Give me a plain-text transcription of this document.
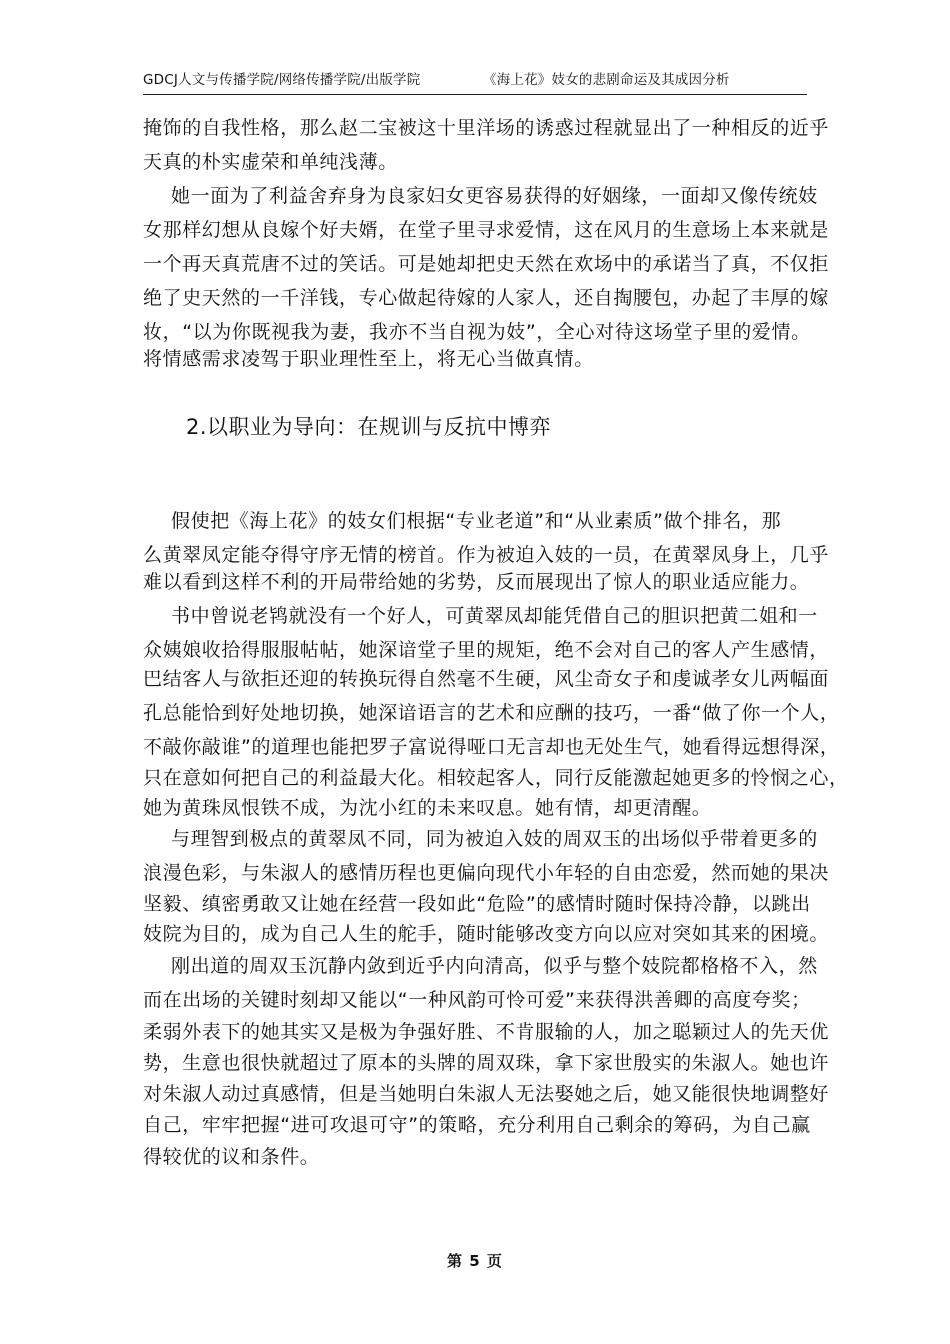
GDCJ人文与传播学院/网络传播学院/出版学院	《海上花》妓女的悲剧命运及其成因分析
掩饰的自我性格，那么赵二宝被这十里洋场的诱惑过程就显出了一种相反的近乎
天真的朴实虚荣和单纯浅薄。
她一面为了利益舍弃身为良家妇女更容易获得的好姻缘，一面却又像传统妓
女那样幻想从良嫁个好夫婿，在堂子里寻求爱情，这在风月的生意场上本来就是
一个再天真荒唐不过的笑话。可是她却把史天然在欢场中的承诺当了真，不仅拒
绝了史天然的一千洋钱，专心做起待嫁的人家人，还自掏腰包，办起了丰厚的嫁
妆，“以为你既视我为妻，我亦不当自视为妓”，全心对待这场堂子里的爱情。
将情感需求凌驾于职业理性至上，将无心当做真情。
假使把《海上花》的妓女们根据“专业老道”和“从业素质”做个排名，那
么黄翠凤定能夺得守序无情的榜首。作为被迫入妓的一员，在黄翠凤身上，几乎
难以看到这样不利的开局带给她的劣势，反而展现出了惊人的职业适应能力。
书中曾说老鸨就没有一个好人，可黄翠凤却能凭借自己的胆识把黄二姐和一
众姨娘收拾得服服帖帖，她深谙堂子里的规矩，绝不会对自己的客人产生感情，
巴结客人与欲拒还迎的转换玩得自然毫不生硬，风尘奇女子和虔诚孝女儿两幅面
孔总能恰到好处地切换，她深谙语言的艺术和应酬的技巧，一番“做了你一个人，
不敲你敲谁”的道理也能把罗子富说得哑口无言却也无处生气，她看得远想得深，
只在意如何把自己的利益最大化。相较起客人，同行反能激起她更多的怜悯之心，
她为黄珠凤恨铁不成，为沈小红的未来叹息。她有情，却更清醒。
与理智到极点的黄翠凤不同，同为被迫入妓的周双玉的出场似乎带着更多的
浪漫色彩，与朱淑人的感情历程也更偏向现代小年轻的自由恋爱，然而她的果决
坚毅、缜密勇敢又让她在经营一段如此“危险”的感情时随时保持冷静，以跳出
妓院为目的，成为自己人生的舵手，随时能够改变方向以应对突如其来的困境。
刚出道的周双玉沉静内敛到近乎内向清高，似乎与整个妓院都格格不入，然
而在出场的关键时刻却又能以“一种风韵可怜可爱”来获得洪善卿的高度夸奖；
柔弱外表下的她其实又是极为争强好胜、不肯服输的人，加之聪颖过人的先天优
势，生意也很快就超过了原本的头牌的周双珠，拿下家世殷实的朱淑人。她也许
对朱淑人动过真感情，但是当她明白朱淑人无法娶她之后，她又能很快地调整好
自己，牢牢把握“进可攻退可守”的策略，充分利用自己剩余的筹码，为自己赢
得较优的议和条件。
2.以职业为导向：在规训与反抗中博弈
第 5 页
